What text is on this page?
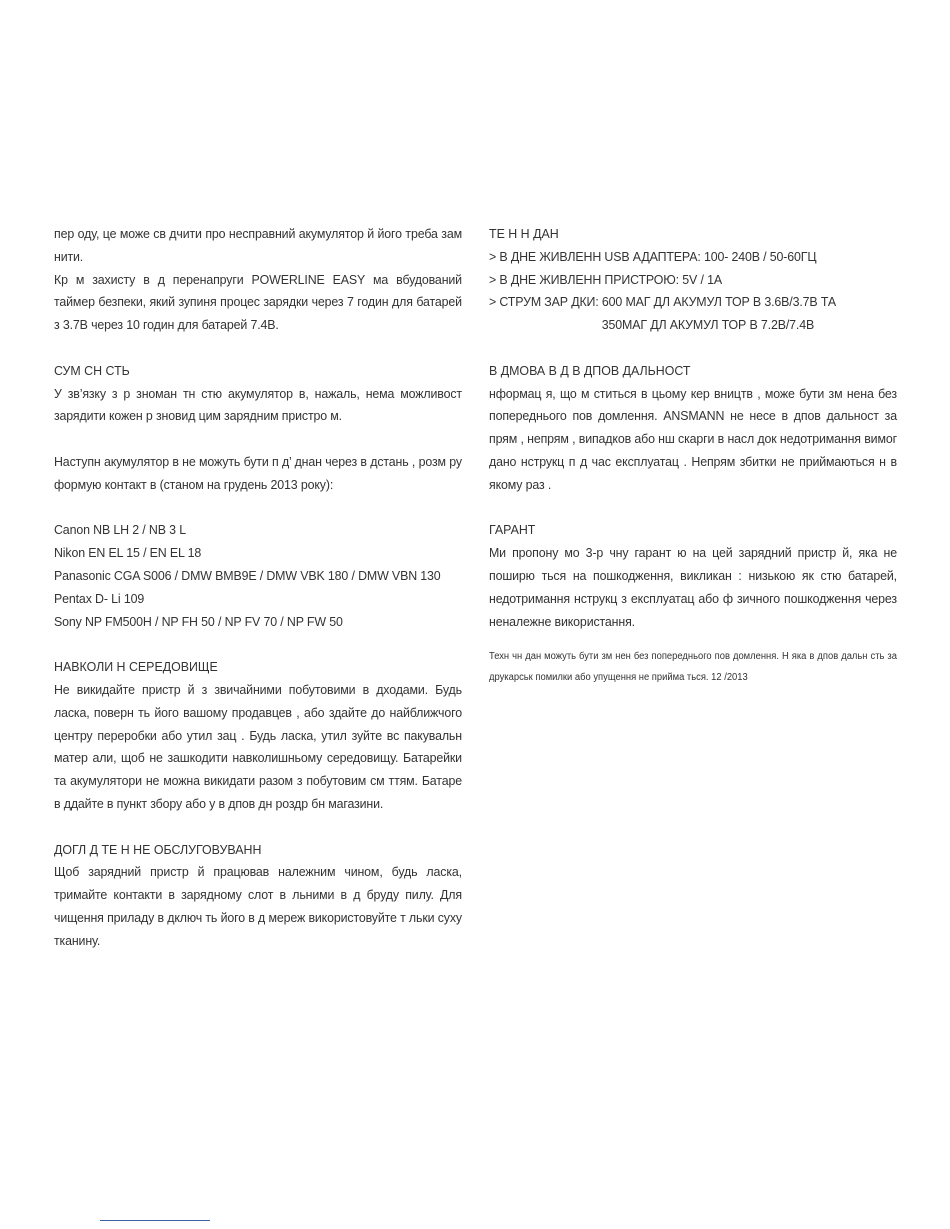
пер оду, це може св дчити про несправний акумулятор й його треба зам нити.

Кр м захисту в д перенапруги POWERLINE EASY ма вбудований таймер безпеки, який зупиня процес зарядки через 7 годин для батарей з 3.7В через 10 годин для батарей 7.4В.

СУМ СН СТЬ

У зв’язку з р зноман тн стю акумулятор в, нажаль, нема можливост зарядити кожен р зновид цим зарядним пристро м.

Наступн акумулятор в не можуть бути п д’ днан через в дстань , розм ру формую контакт в (станом на грудень 2013 року):

Canon NB LH 2 / NB 3 L

Nikon EN EL 15 / EN EL 18

Panasonic CGA S006 / DMW BMB9E / DMW VBK 180 / DMW VBN 130

Pentax D- Li 109

Sony NP FM500H / NP FH 50 / NP FV 70 / NP FW 50

НАВКОЛИ Н СЕРЕДОВИЩЕ

Не викидайте пристр й з звичайними побутовими в дходами. Будь ласка, поверн ть його вашому продавцев , або здайте до найближчого центру переробки або утил зац . Будь ласка, утил зуйте вс пакувальн матер али, щоб не зашкодити навколишньому середовищу. Батарейки та акумулятори не можна викидати разом з побутовим см ттям. Батаре в ддайте в пункт збору або у в дпов дн роздр бн магазини.

ДОГЛ Д ТЕ Н НЕ ОБСЛУГОВУВАНН

Щоб зарядний пристр й працював належним чином, будь ласка, тримайте контакти в зарядному слот в льними в д бруду пилу. Для чищення приладу в дключ ть його в д мереж використовуйте т льки суху тканину.

ТЕ Н Н ДАН

> В ДНЕ ЖИВЛЕНН USB АДАПТЕРА: 100- 240В / 50-60ГЦ

> В ДНЕ ЖИВЛЕНН ПРИСТРОЮ: 5V / 1A

> СТРУМ ЗАР ДКИ: 600 МАГ ДЛ АКУМУЛ ТОР В 3.6В/3.7В ТА

350МАГ ДЛ АКУМУЛ ТОР В 7.2В/7.4В

В ДМОВА В Д В ДПОВ ДАЛЬНОСТ

нформац я, що м ститься в цьому кер вництв , може бути зм нена без попереднього пов домлення. ANSMANN не несе в дпов дальност за прям , непрям , випадков або нш скарги в насл док недотримання вимог дано нструкц п д час експлуатац . Непрям збитки не приймаються н в якому раз .

ГАРАНТ

Ми пропону мо 3-р чну гарант ю на цей зарядний пристр й, яка не поширю ться на пошкодження, викликан : низькою як стю батарей, недотримання нструкц з експлуатац або ф зичного пошкодження через неналежне використання.

Техн чн дан можуть бути зм нен без попереднього пов домлення. Н яка в дпов дальн сть за друкарськ помилки або упущення не прийма ться. 12 /2013
